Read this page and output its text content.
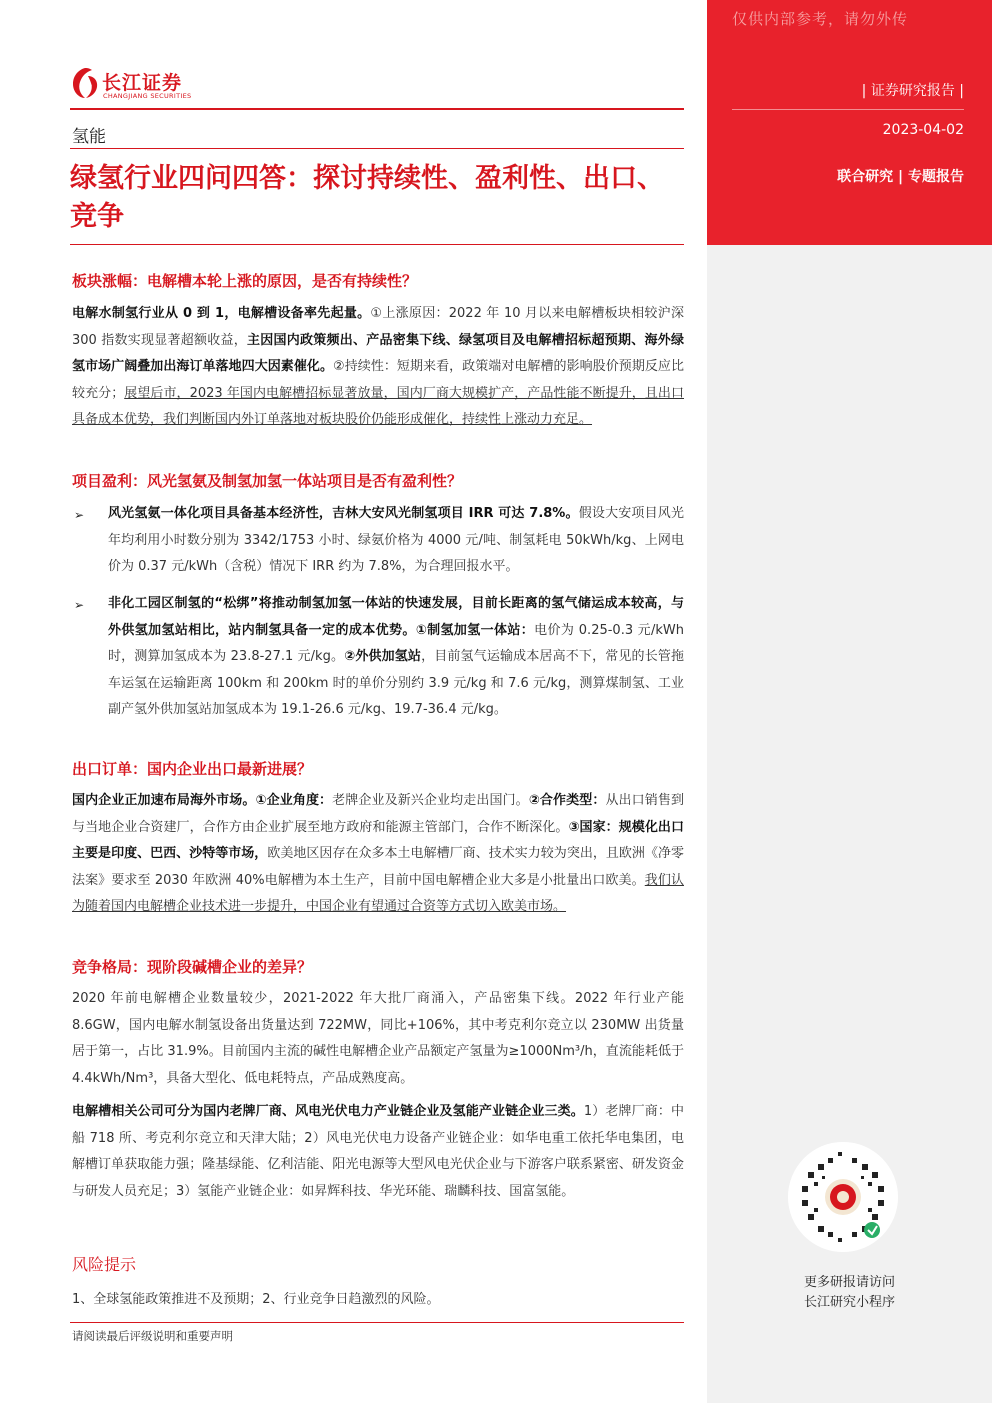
仅供内部参考，请勿外传
| 证券研究报告 |
2023-04-02
联合研究 | 专题报告
长江证券
CHANGJIANG SECURITIES
氢能
绿氢行业四问四答：探讨持续性、盈利性、出口、竞争
板块涨幅：电解槽本轮上涨的原因，是否有持续性？
电解水制氢行业从 0 到 1，电解槽设备率先起量。①上涨原因：2022 年 10 月以来电解槽板块相较沪深 300 指数实现显著超额收益，主因国内政策频出、产品密集下线、绿氢项目及电解槽招标超预期、海外绿氢市场广阔叠加出海订单落地四大因素催化。②持续性：短期来看，政策端对电解槽的影响股价预期反应比较充分；展望后市，2023 年国内电解槽招标显著放量，国内厂商大规模扩产，产品性能不断提升，且出口具备成本优势，我们判断国内外订单落地对板块股价仍能形成催化，持续性上涨动力充足。
项目盈利：风光氢氨及制氢加氢一体站项目是否有盈利性？
➢ 风光氢氨一体化项目具备基本经济性，吉林大安风光制氢项目 IRR 可达 7.8%。假设大安项目风光年均利用小时数分别为 3342/1753 小时、绿氨价格为 4000 元/吨、制氢耗电 50kWh/kg、上网电价为 0.37 元/kWh（含税）情况下 IRR 约为 7.8%，为合理回报水平。
➢ 非化工园区制氢的“松绑”将推动制氢加氢一体站的快速发展，目前长距离的氢气储运成本较高，与外供氢加氢站相比，站内制氢具备一定的成本优势。①制氢加氢一体站：电价为 0.25-0.3 元/kWh 时，测算加氢成本为 23.8-27.1 元/kg。②外供加氢站，目前氢气运输成本居高不下，常见的长管拖车运氢在运输距离 100km 和 200km 时的单价分别约 3.9 元/kg 和 7.6 元/kg，测算煤制氢、工业副产氢外供加氢站加氢成本为 19.1-26.6 元/kg、19.7-36.4 元/kg。
出口订单：国内企业出口最新进展？
国内企业正加速布局海外市场。①企业角度：老牌企业及新兴企业均走出国门。②合作类型：从出口销售到与当地企业合资建厂，合作方由企业扩展至地方政府和能源主管部门，合作不断深化。③国家：规模化出口主要是印度、巴西、沙特等市场，欧美地区因存在众多本土电解槽厂商、技术实力较为突出，且欧洲《净零法案》要求至 2030 年欧洲 40%电解槽为本土生产，目前中国电解槽企业大多是小批量出口欧美。我们认为随着国内电解槽企业技术进一步提升，中国企业有望通过合资等方式切入欧美市场。
竞争格局：现阶段碱槽企业的差异？
2020 年前电解槽企业数量较少，2021-2022 年大批厂商涌入，产品密集下线。2022 年行业产能 8.6GW，国内电解水制氢设备出货量达到 722MW，同比+106%，其中考克利尔竞立以 230MW 出货量居于第一，占比 31.9%。目前国内主流的碱性电解槽企业产品额定产氢量为≥1000Nm³/h，直流能耗低于 4.4kWh/Nm³，具备大型化、低电耗特点，产品成熟度高。
电解槽相关公司可分为国内老牌厂商、风电光伏电力产业链企业及氢能产业链企业三类。1）老牌厂商：中船 718 所、考克利尔竞立和天津大陆；2）风电光伏电力设备产业链企业：如华电重工依托华电集团，电解槽订单获取能力强；隆基绿能、亿利洁能、阳光电源等大型风电光伏企业与下游客户联系紧密、研发资金与研发人员充足；3）氢能产业链企业：如昇辉科技、华光环能、瑞麟科技、国富氢能。
风险提示
1、全球氢能政策推进不及预期；2、行业竞争日趋激烈的风险。
请阅读最后评级说明和重要声明
更多研报请访问
长江研究小程序
